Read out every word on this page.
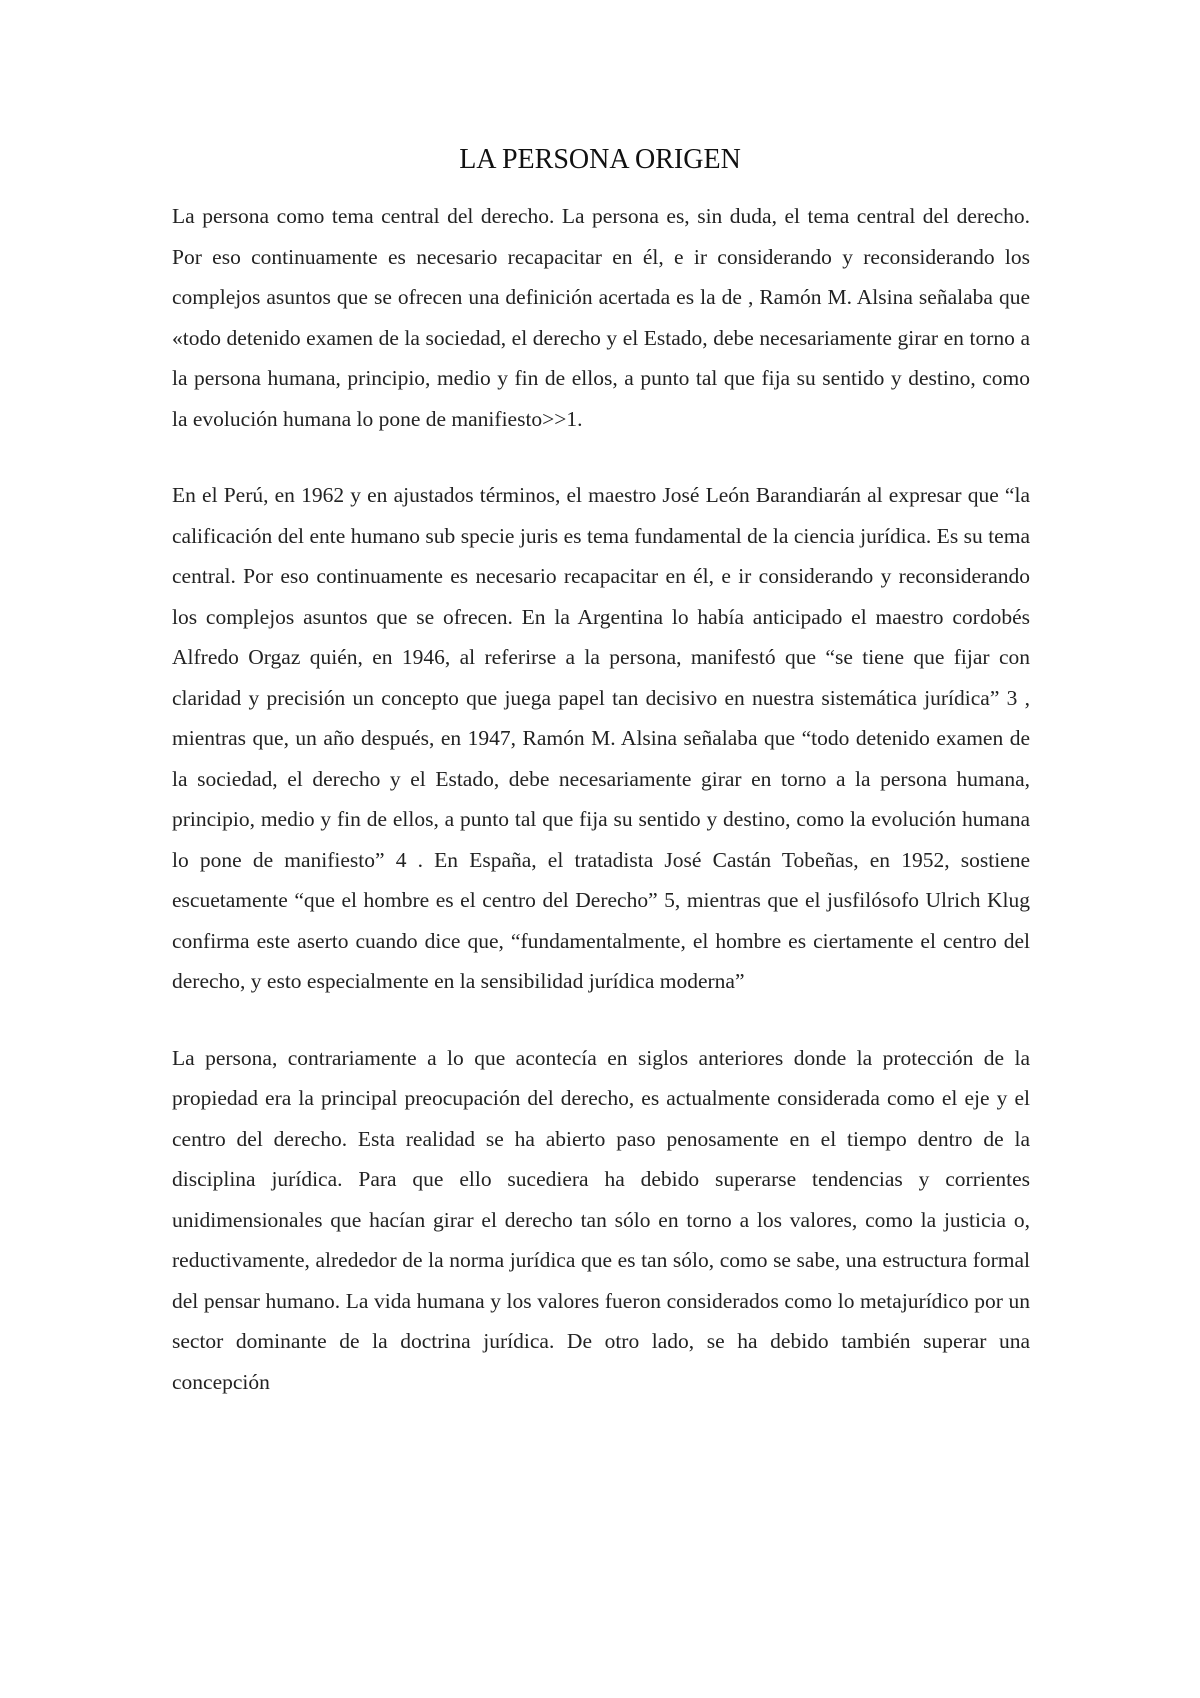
LA PERSONA ORIGEN

La persona como tema central del derecho. La persona es, sin duda, el tema central del derecho. Por eso continuamente es necesario recapacitar en él, e ir considerando y reconsiderando los complejos asuntos que se ofrecen una definición acertada es la de , Ramón M. Alsina señalaba que «todo detenido examen de la sociedad, el derecho y el Estado, debe necesariamente girar en torno a la persona humana, principio, medio y fin de ellos, a punto tal que fija su sentido y destino, como la evolución humana lo pone de manifiesto>>1.

En el Perú, en 1962 y en ajustados términos, el maestro José León Barandiarán al expresar que “la calificación del ente humano sub specie juris es tema fundamental de la ciencia jurídica. Es su tema central. Por eso continuamente es necesario recapacitar en él, e ir considerando y reconsiderando los complejos asuntos que se ofrecen. En la Argentina lo había anticipado el maestro cordobés Alfredo Orgaz quién, en 1946, al referirse a la persona, manifestó que “se tiene que fijar con claridad y precisión un concepto que juega papel tan decisivo en nuestra sistemática jurídica” 3 , mientras que, un año después, en 1947, Ramón M. Alsina señalaba que “todo detenido examen de la sociedad, el derecho y el Estado, debe necesariamente girar en torno a la persona humana, principio, medio y fin de ellos, a punto tal que fija su sentido y destino, como la evolución humana lo pone de manifiesto” 4 . En España, el tratadista José Castán Tobeñas, en 1952, sostiene escuetamente “que el hombre es el centro del Derecho” 5, mientras que el jusfilósofo Ulrich Klug confirma este aserto cuando dice que, “fundamentalmente, el hombre es ciertamente el centro del derecho, y esto especialmente en la sensibilidad jurídica moderna”

La persona, contrariamente a lo que acontecía en siglos anteriores donde la protección de la propiedad era la principal preocupación del derecho, es actualmente considerada como el eje y el centro del derecho. Esta realidad se ha abierto paso penosamente en el tiempo dentro de la disciplina jurídica. Para que ello sucediera ha debido superarse tendencias y corrientes unidimensionales que hacían girar el derecho tan sólo en torno a los valores, como la justicia o, reductivamente, alrededor de la norma jurídica que es tan sólo, como se sabe, una estructura formal del pensar humano. La vida humana y los valores fueron considerados como lo metajurídico por un sector dominante de la doctrina jurídica. De otro lado, se ha debido también superar una concepción
